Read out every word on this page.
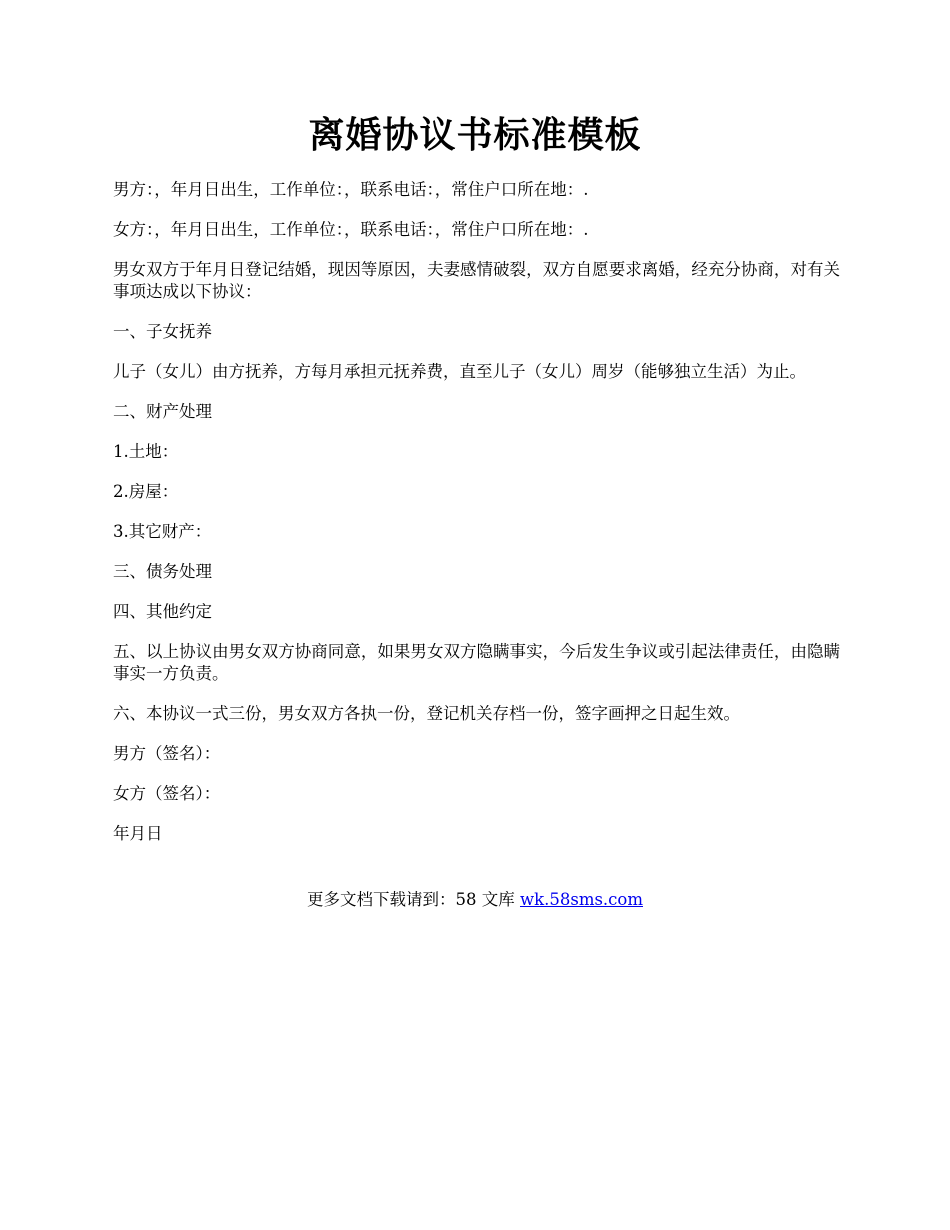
离婚协议书标准模板

男方：，年月日出生，工作单位：，联系电话：，常住户口所在地：.

女方：，年月日出生，工作单位：，联系电话：，常住户口所在地：.

男女双方于年月日登记结婚，现因等原因，夫妻感情破裂，双方自愿要求离婚，经充分协商，对有关事项达成以下协议：

一、子女抚养

儿子（女儿）由方抚养，方每月承担元抚养费，直至儿子（女儿）周岁（能够独立生活）为止。

二、财产处理

1.土地：

2.房屋：

3.其它财产：

三、债务处理

四、其他约定

五、以上协议由男女双方协商同意，如果男女双方隐瞒事实，今后发生争议或引起法律责任，由隐瞒事实一方负责。

六、本协议一式三份，男女双方各执一份，登记机关存档一份，签字画押之日起生效。

男方（签名）：

女方（签名）：

年月日

更多文档下载请到：58 文库 wk.58sms.com
